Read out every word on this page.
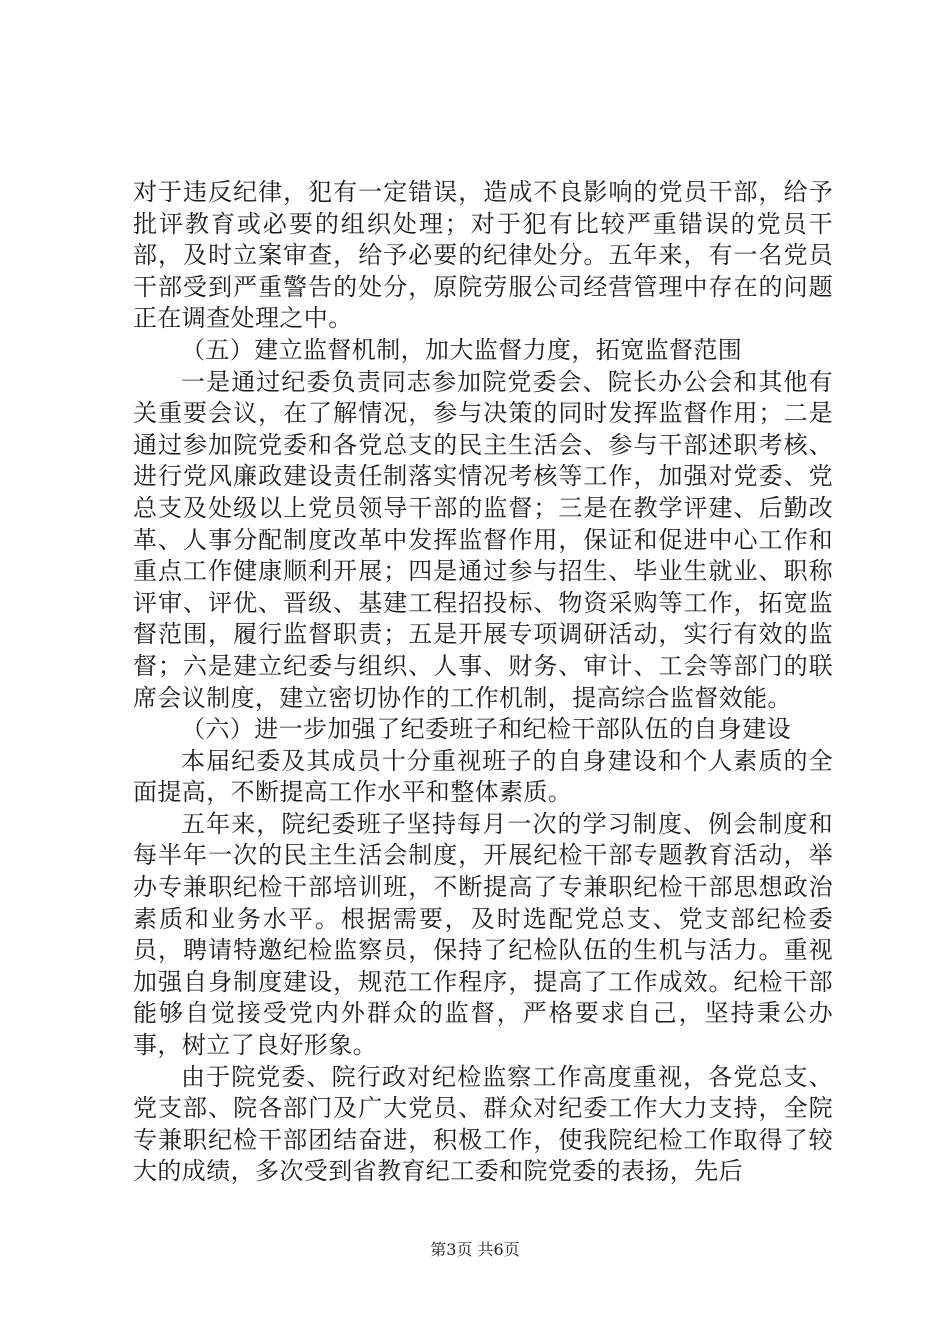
对于违反纪律，犯有一定错误，造成不良影响的党员干部，给予批评教育或必要的组织处理；对于犯有比较严重错误的党员干部，及时立案审查，给予必要的纪律处分。五年来，有一名党员干部受到严重警告的处分，原院劳服公司经营管理中存在的问题正在调查处理之中。

（五）建立监督机制，加大监督力度，拓宽监督范围

一是通过纪委负责同志参加院党委会、院长办公会和其他有关重要会议，在了解情况，参与决策的同时发挥监督作用；二是通过参加院党委和各党总支的民主生活会、参与干部述职考核、进行党风廉政建设责任制落实情况考核等工作，加强对党委、党总支及处级以上党员领导干部的监督；三是在教学评建、后勤改革、人事分配制度改革中发挥监督作用，保证和促进中心工作和重点工作健康顺利开展；四是通过参与招生、毕业生就业、职称评审、评优、晋级、基建工程招投标、物资采购等工作，拓宽监督范围，履行监督职责；五是开展专项调研活动，实行有效的监督；六是建立纪委与组织、人事、财务、审计、工会等部门的联席会议制度，建立密切协作的工作机制，提高综合监督效能。

（六）进一步加强了纪委班子和纪检干部队伍的自身建设

本届纪委及其成员十分重视班子的自身建设和个人素质的全面提高，不断提高工作水平和整体素质。

五年来，院纪委班子坚持每月一次的学习制度、例会制度和每半年一次的民主生活会制度，开展纪检干部专题教育活动，举办专兼职纪检干部培训班，不断提高了专兼职纪检干部思想政治素质和业务水平。根据需要，及时选配党总支、党支部纪检委员，聘请特邀纪检监察员，保持了纪检队伍的生机与活力。重视加强自身制度建设，规范工作程序，提高了工作成效。纪检干部能够自觉接受党内外群众的监督，严格要求自己，坚持秉公办事，树立了良好形象。

由于院党委、院行政对纪检监察工作高度重视，各党总支、党支部、院各部门及广大党员、群众对纪委工作大力支持，全院专兼职纪检干部团结奋进，积极工作，使我院纪检工作取得了较大的成绩，多次受到省教育纪工委和院党委的表扬，先后

第3页 共6页
